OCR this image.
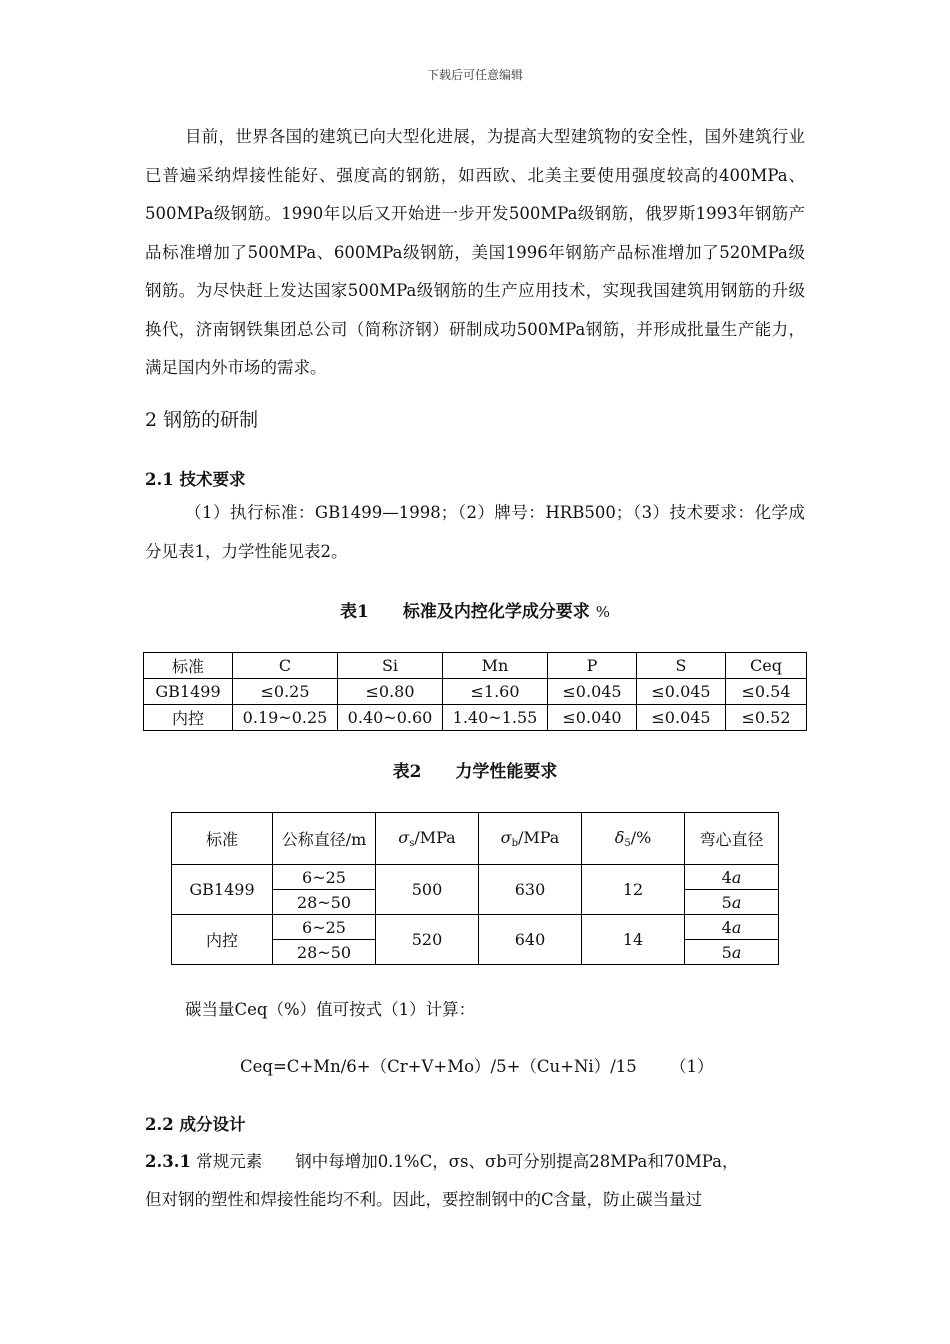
下载后可任意编辑

目前，世界各国的建筑已向大型化进展，为提高大型建筑物的安全性，国外建筑行业已普遍采纳焊接性能好、强度高的钢筋，如西欧、北美主要使用强度较高的400MPa、500MPa级钢筋。1990年以后又开始进一步开发500MPa级钢筋，俄罗斯1993年钢筋产品标准增加了500MPa、600MPa级钢筋，美国1996年钢筋产品标准增加了520MPa级钢筋。为尽快赶上发达国家500MPa级钢筋的生产应用技术，实现我国建筑用钢筋的升级换代，济南钢铁集团总公司（简称济钢）研制成功500MPa钢筋，并形成批量生产能力，满足国内外市场的需求。

2 钢筋的研制
2.1 技术要求

（1）执行标准：GB1499—1998；（2）牌号：HRB500；（3）技术要求：化学成分见表1，力学性能见表2。

表1　　标准及内控化学成分要求 %
标准	C	Si	Mn	P	S	Ceq
GB1499	≤0.25	≤0.80	≤1.60	≤0.045	≤0.045	≤0.54
内控	0.19~0.25	0.40~0.60	1.40~1.55	≤0.040	≤0.045	≤0.52
表2　　力学性能要求
标准	公称直径/m	$\sigma_s$/MPa	$\sigma_b$/MPa	$\delta_5/\%$	弯心直径
GB1499	6~25	500	630	12	4a
	28~50				5a
内控	6~25	520	640	14	4a
	28~50				5a
碳当量Ceq（%）值可按式（1）计算：
Ceq=C+Mn/6+（Cr+V+Mo）/5+（Cu+Ni）/15 （1）
2.2 成分设计
2.3.1 常规元素　　钢中每增加0.1%C，σs、σb可分别提高28MPa和70MPa，
但对钢的塑性和焊接性能均不利。因此，要控制钢中的C含量，防止碳当量过
